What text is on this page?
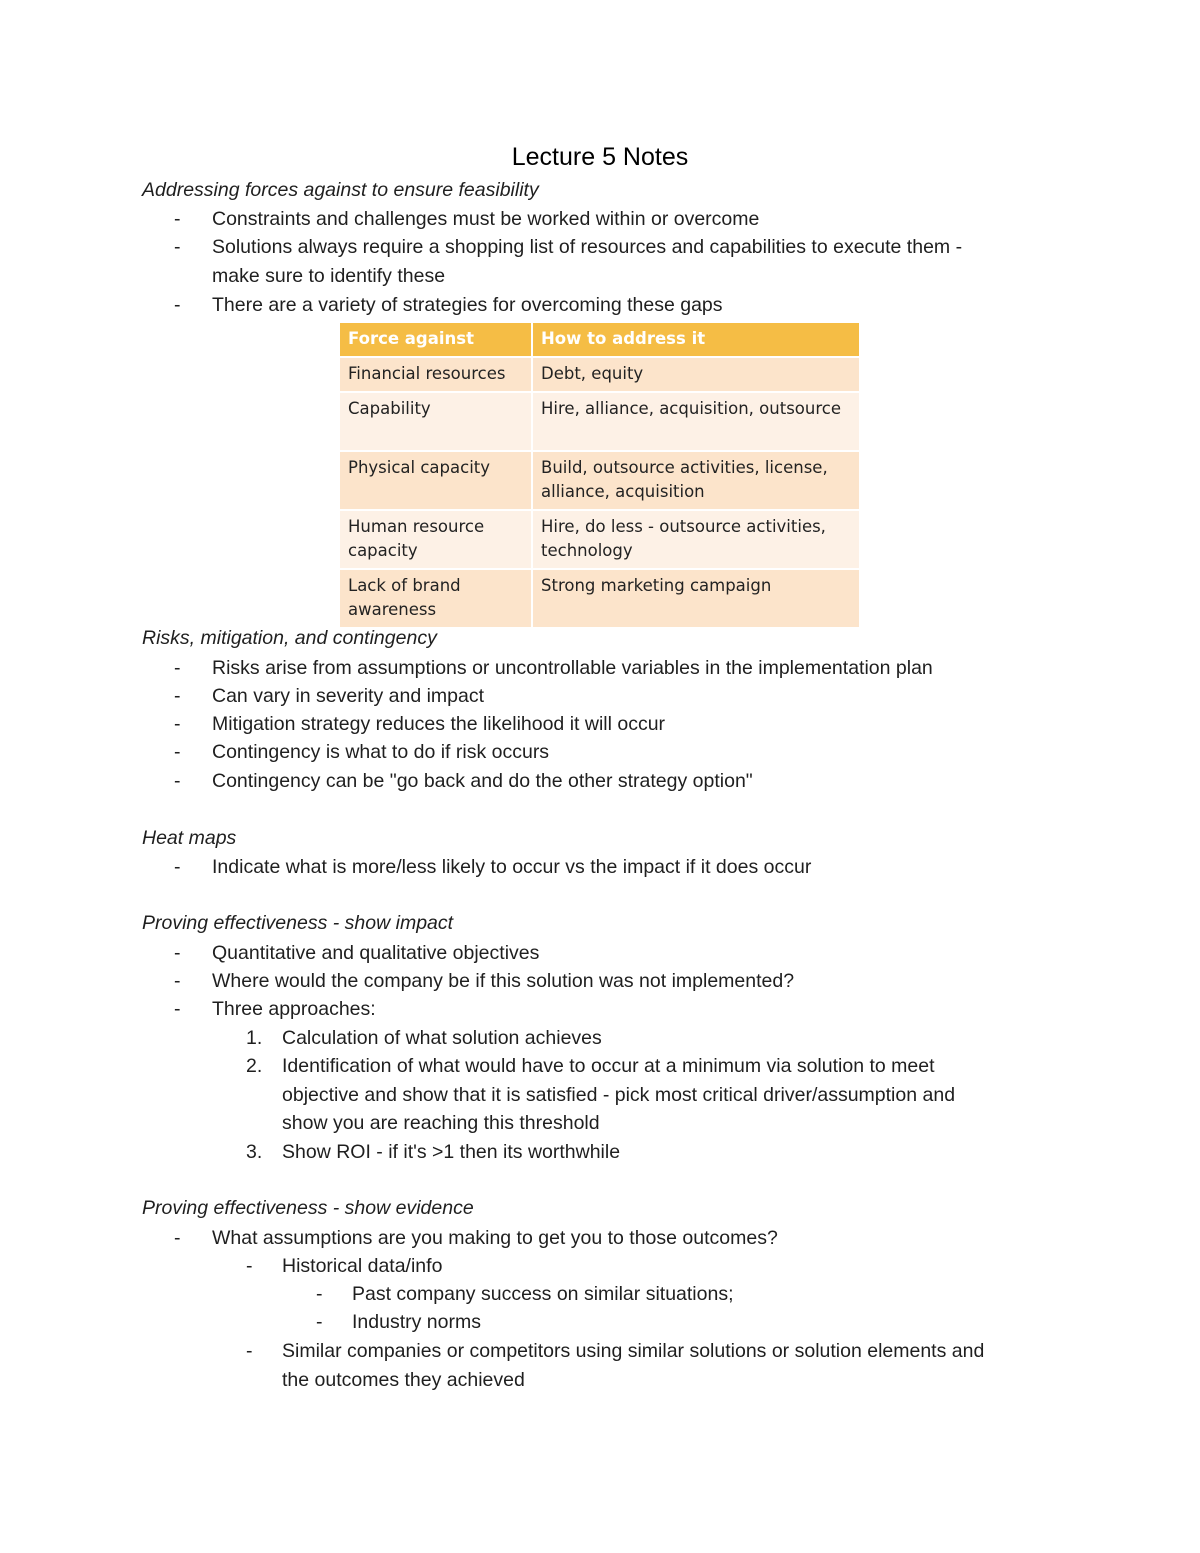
Lecture 5 Notes
Addressing forces against to ensure feasibility
- Constraints and challenges must be worked within or overcome
- Solutions always require a shopping list of resources and capabilities to execute them -
make sure to identify these
- There are a variety of strategies for overcoming these gaps
Force against	How to address it
Financial resources	Debt, equity
Capability	Hire, alliance, acquisition, outsource
Physical capacity	Build, outsource activities, license, alliance, acquisition
Human resource capacity	Hire, do less - outsource activities, technology
Lack of brand awareness	Strong marketing campaign
Risks, mitigation, and contingency
- Risks arise from assumptions or uncontrollable variables in the implementation plan
- Can vary in severity and impact
- Mitigation strategy reduces the likelihood it will occur
- Contingency is what to do if risk occurs
- Contingency can be "go back and do the other strategy option"
Heat maps
- Indicate what is more/less likely to occur vs the impact if it does occur
Proving effectiveness - show impact
- Quantitative and qualitative objectives
- Where would the company be if this solution was not implemented?
- Three approaches:
1. Calculation of what solution achieves
2. Identification of what would have to occur at a minimum via solution to meet
objective and show that it is satisfied - pick most critical driver/assumption and
show you are reaching this threshold
3. Show ROI - if it's >1 then its worthwhile
Proving effectiveness - show evidence
- What assumptions are you making to get you to those outcomes?
- Historical data/info
- Past company success on similar situations;
- Industry norms
- Similar companies or competitors using similar solutions or solution elements and
the outcomes they achieved
